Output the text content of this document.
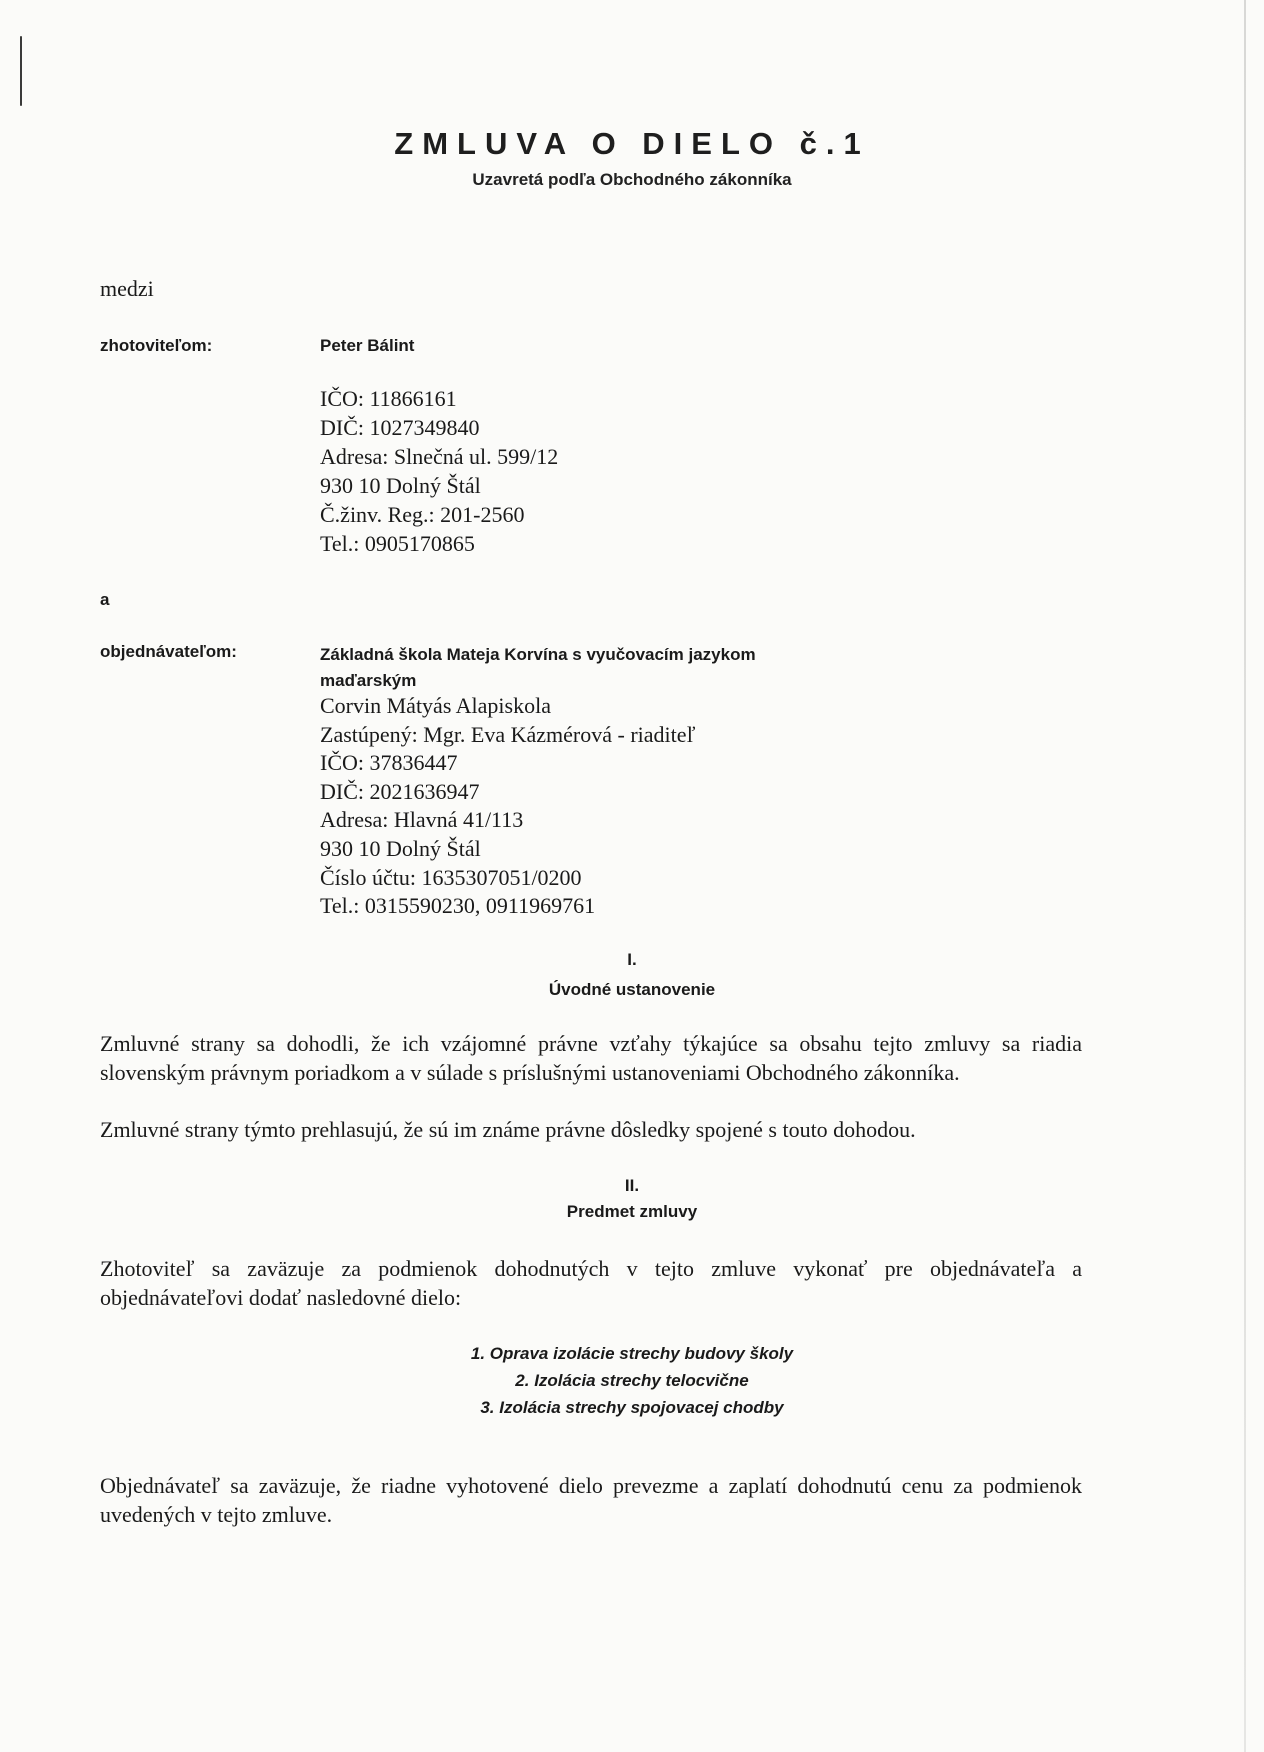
ZMLUVA O DIELO č.1
Uzavretá podľa Obchodného zákonníka
medzi
zhotoviteľom:	Peter Bálint
IČO: 11866161
DIČ: 1027349840
Adresa: Slnečná ul. 599/12
930 10 Dolný Štál
Č.žinv. Reg.: 201-2560
Tel.: 0905170865
a
objednávateľom:	Základná škola Mateja Korvína s vyučovacím jazykom
maďarským
Corvin Mátyás Alapiskola
Zastúpený: Mgr. Eva Kázmérová - riaditeľ
IČO: 37836447
DIČ: 2021636947
Adresa: Hlavná 41/113
930 10 Dolný Štál
Číslo účtu: 1635307051/0200
Tel.: 0315590230, 0911969761
I.
Úvodné ustanovenie
Zmluvné strany sa dohodli, že ich vzájomné právne vzťahy týkajúce sa obsahu tejto zmluvy sa riadia slovenským právnym poriadkom a v súlade s príslušnými ustanoveniami Obchodného zákonníka.
Zmluvné strany týmto prehlasujú, že sú im známe právne dôsledky spojené s touto dohodou.
II.
Predmet zmluvy
Zhotoviteľ sa zaväzuje za podmienok dohodnutých v tejto zmluve vykonať pre objednávateľa a objednávateľovi dodať nasledovné dielo:
1. Oprava izolácie strechy budovy školy
2. Izolácia strechy telocvične
3. Izolácia strechy spojovacej chodby
Objednávateľ sa zaväzuje, že riadne vyhotovené dielo prevezme a zaplatí dohodnutú cenu za podmienok uvedených v tejto zmluve.
